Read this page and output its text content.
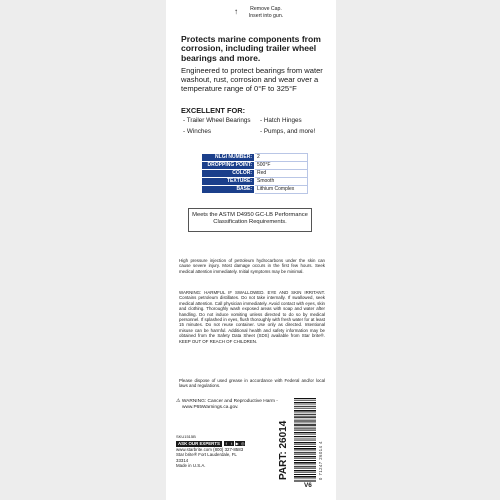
↑	Remove Cap.
Insert into gun.
Protects marine components from corrosion, including trailer wheel bearings and more.
Engineered to protect bearings from water washout, rust, corrosion and wear over a temperature range of 0°F to 325°F
EXCELLENT FOR:
- Trailer Wheel Bearings - Hatch Hinges
- Winches	- Pumps, and more!
NLGI NUMBER:	2
DROPPING POINT:	500°F
COLOR:	Red
TEXTURE:	Smooth
BASE:	Lithium Complex
Meets the ASTM D4950 GC-LB Performance Classification Requirements.
High pressure injection of petroleum hydrocarbons under the skin can cause severe injury. Most damage occurs in the first few hours. Seek medical attention immediately. Initial symptoms may be minimal.
WARNING: HARMFUL IF SWALLOWED. EYE AND SKIN IRRITANT. Contains petroleum distillates. Do not take internally. If swallowed, seek medical attention. Call physician immediately. Avoid contact with eyes, skin and clothing. Thoroughly wash exposed areas with soap and water after handling. Do not induce vomiting unless directed to do so by medical personnel. If splashed in eyes, flush thoroughly with fresh water for at least 15 minutes. Do not reuse container. Use only as directed. Intentional misuse can be harmful. Additional health and safety information may be obtained from the Safety Data Sheet (SDS) available from Star brite®. KEEP OUT OF REACH OF CHILDREN.
Please dispose of used grease in accordance with Federal and/or local laws and regulations.
⚠ WARNING: Cancer and Reproductive Harm -
www.P65Warnings.ca.gov.
SKU1515B
ASK OUR EXPERTS f t ▶ ◎
www.starbrite.com (800) 327-8583
Star brite® Fort Lauderdale, FL 33314
Made in U.S.A.	PART: 26014	0 71247 26014 4
V6
